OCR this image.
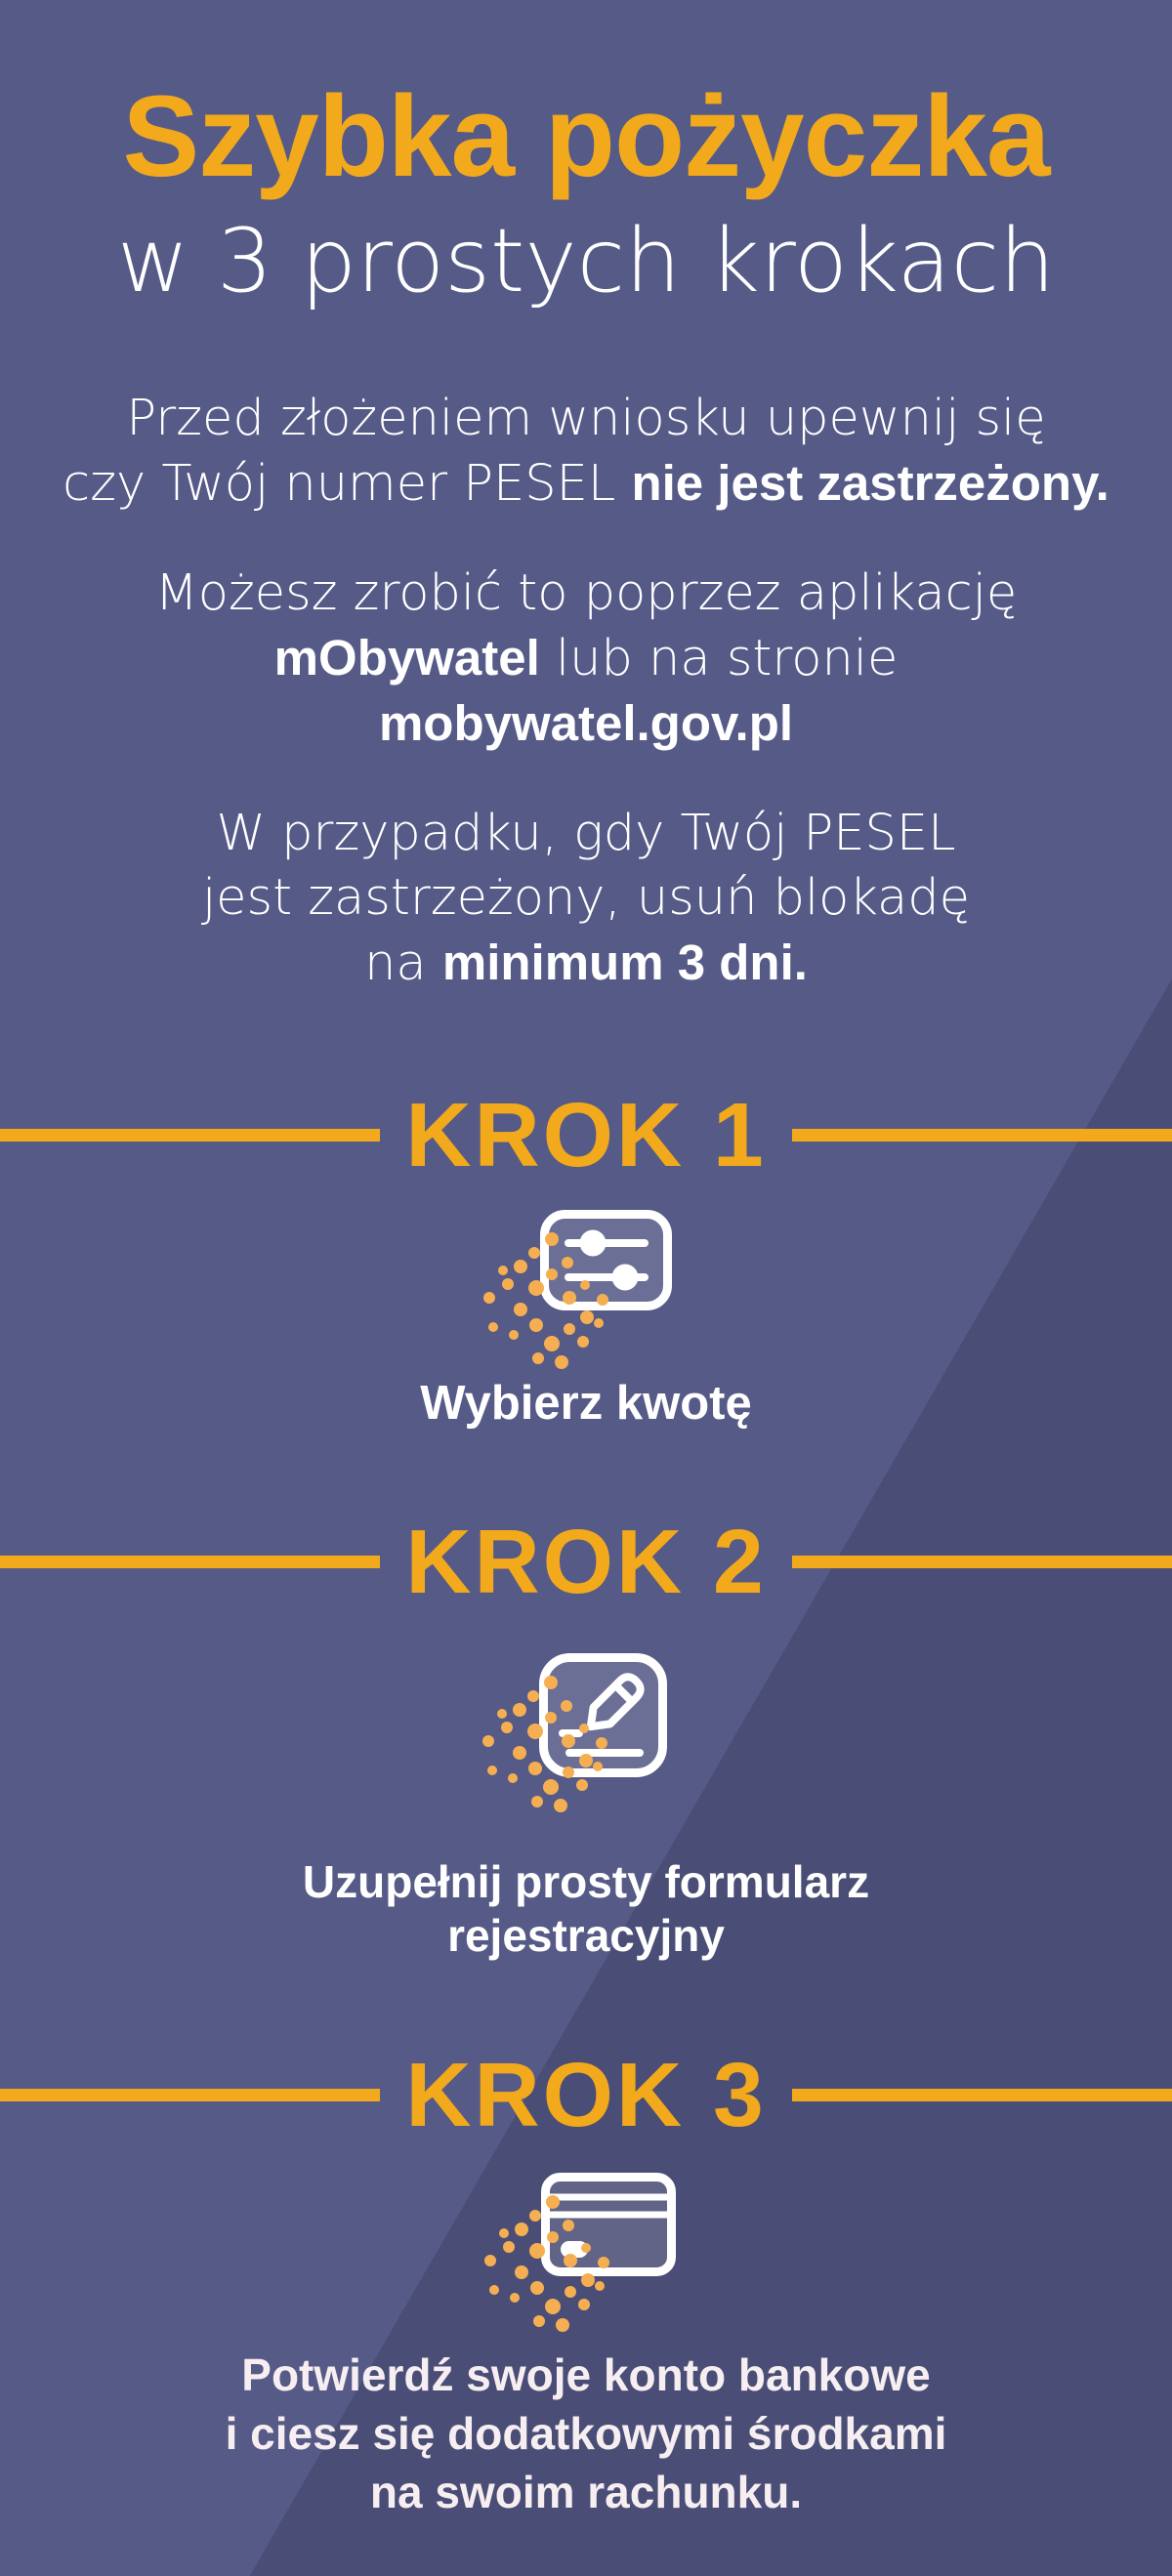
Szybka pożyczka
w 3 prostych krokach

Przed złożeniem wniosku upewnij się
czy Twój numer PESEL nie jest zastrzeżony.

Możesz zrobić to poprzez aplikację
mObywatel lub na stronie
mobywatel.gov.pl

W przypadku, gdy Twój PESEL
jest zastrzeżony, usuń blokadę
na minimum 3 dni.

KROK 1
Wybierz kwotę
KROK 2
Uzupełnij prosty formularz
rejestracyjny
KROK 3
Potwierdź swoje konto bankowe
i ciesz się dodatkowymi środkami
na swoim rachunku.
